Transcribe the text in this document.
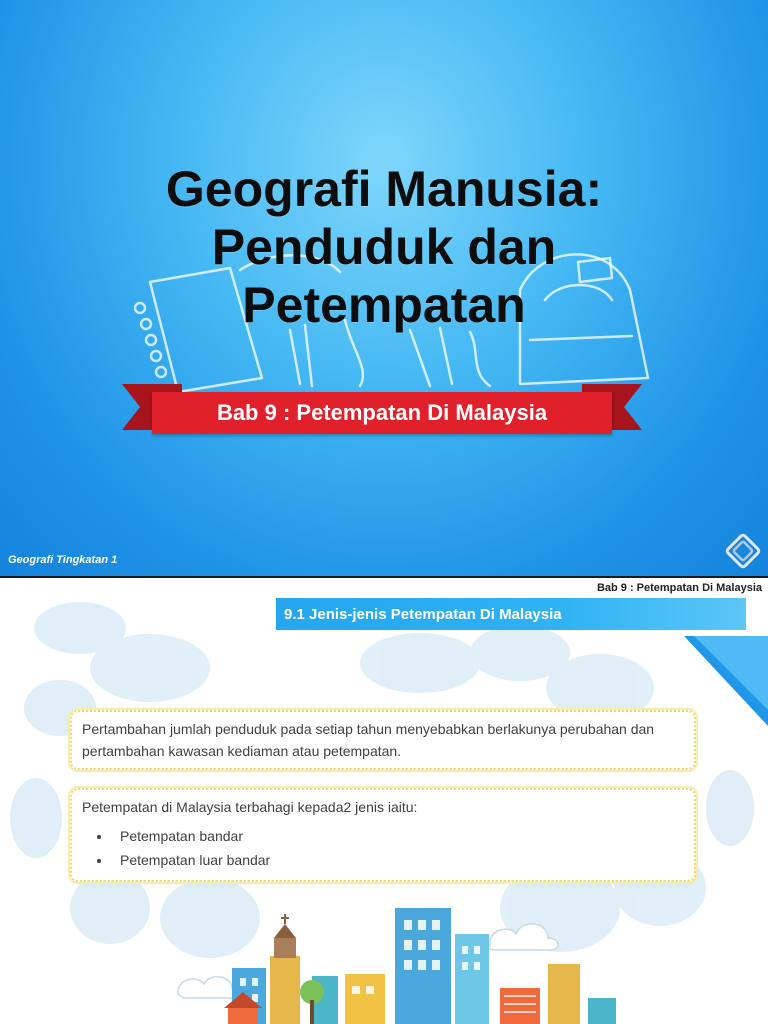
Geografi Manusia:
Penduduk dan
Petempatan
Bab 9 : Petempatan Di Malaysia
Geografi Tingkatan 1
Bab 9 : Petempatan Di Malaysia
9.1 Jenis-jenis Petempatan Di Malaysia
Pertambahan jumlah penduduk pada setiap tahun menyebabkan berlakunya perubahan dan pertambahan kawasan kediaman atau petempatan.
Petempatan di Malaysia terbahagi kepada2 jenis iaitu:
• Petempatan bandar
• Petempatan luar bandar
